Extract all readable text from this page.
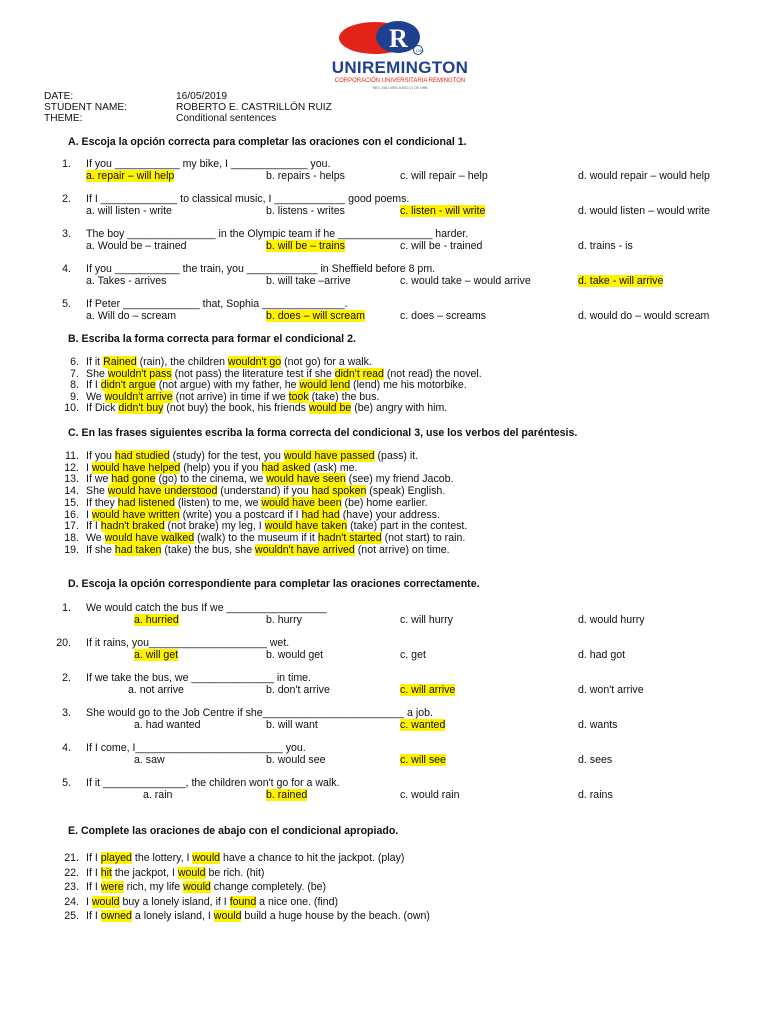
R 1915
UNIREMINGTON
CORPORACIÓN UNIVERSITARIA REMINGTON
RES. 2661 MEN JUNIO 21 DE 1996
DATE:	16/05/2019
STUDENT NAME:	ROBERTO E. CASTRILLÓN RUIZ
THEME:	Conditional sentences
A. Escoja la opción correcta para completar las oraciones con el condicional 1.
B. Escriba la forma correcta para formar el condicional 2.
C. En las frases siguientes escriba la forma correcta del condicional 3, use los verbos del paréntesis.
D. Escoja la opción correspondiente para completar las oraciones correctamente.
E. Complete las oraciones de abajo con el condicional apropiado.
1. If you ___________ my bike, I _____________ you.
a. repair – will help	b. repairs - helps	c. will repair – help	d. would repair – would help
2. If I _____________ to classical music, I ____________ good poems.
a. will listen - write	b. listens - writes	c. listen - will write	d. would listen – would write
3. The boy _______________ in the Olympic team if he ________________ harder.
a. Would be – trained	b. will be – trains	c. will be - trained	d. trains - is
4. If you ___________ the train, you ____________ in Sheffield before 8 pm.
a. Takes - arrives	b. will take –arrive	c. would take – would arrive	d. take - will arrive
5. If Peter _____________ that, Sophia ______________.
a. Will do – scream	b. does – will scream	c. does – screams	d. would do – would scream
1. We would catch the bus If we _________________
a. hurried	b. hurry	c. will hurry	d. would hurry
20. If it rains, you____________________ wet.
a. will get	b. would get	c. get	d. had got
2. If we take the bus, we ______________ in time.
a. not arrive	b. don't arrive	c. will arrive	d. won't arrive
3. She would go to the Job Centre if she________________________ a job.
a. had wanted	b. will want	c. wanted	d. wants
4. If I come, I_________________________ you.
a. saw	b. would see	c. will see	d. sees
5. If it ______________, the children won't go for a walk.
a. rain	b. rained	c. would rain	d. rains
6. If it Rained (rain), the children wouldn't go (not go) for a walk.
7. She wouldn't pass (not pass) the literature test if she didn't read (not read) the novel.
8. If I didn't argue (not argue) with my father, he would lend (lend) me his motorbike.
9. We wouldn't arrive (not arrive) in time if we took (take) the bus.
10. If Dick didn't buy (not buy) the book, his friends would be (be) angry with him.
11. If you had studied (study) for the test, you would have passed (pass) it.
12. I would have helped (help) you if you had asked (ask) me.
13. If we had gone (go) to the cinema, we would have seen (see) my friend Jacob.
14. She would have understood (understand) if you had spoken (speak) English.
15. If they had listened (listen) to me, we would have been (be) home earlier.
16. I would have written (write) you a postcard if I had had (have) your address.
17. If I hadn't braked (not brake) my leg, I would have taken (take) part in the contest.
18. We would have walked (walk) to the museum if it hadn't started (not start) to rain.
19. If she had taken (take) the bus, she wouldn't have arrived (not arrive) on time.
21. If I played the lottery, I would have a chance to hit the jackpot. (play)
22. If I hit the jackpot, I would be rich. (hit)
23. If I were rich, my life would change completely. (be)
24. I would buy a lonely island, if I found a nice one. (find)
25. If I owned a lonely island, I would build a huge house by the beach. (own)
